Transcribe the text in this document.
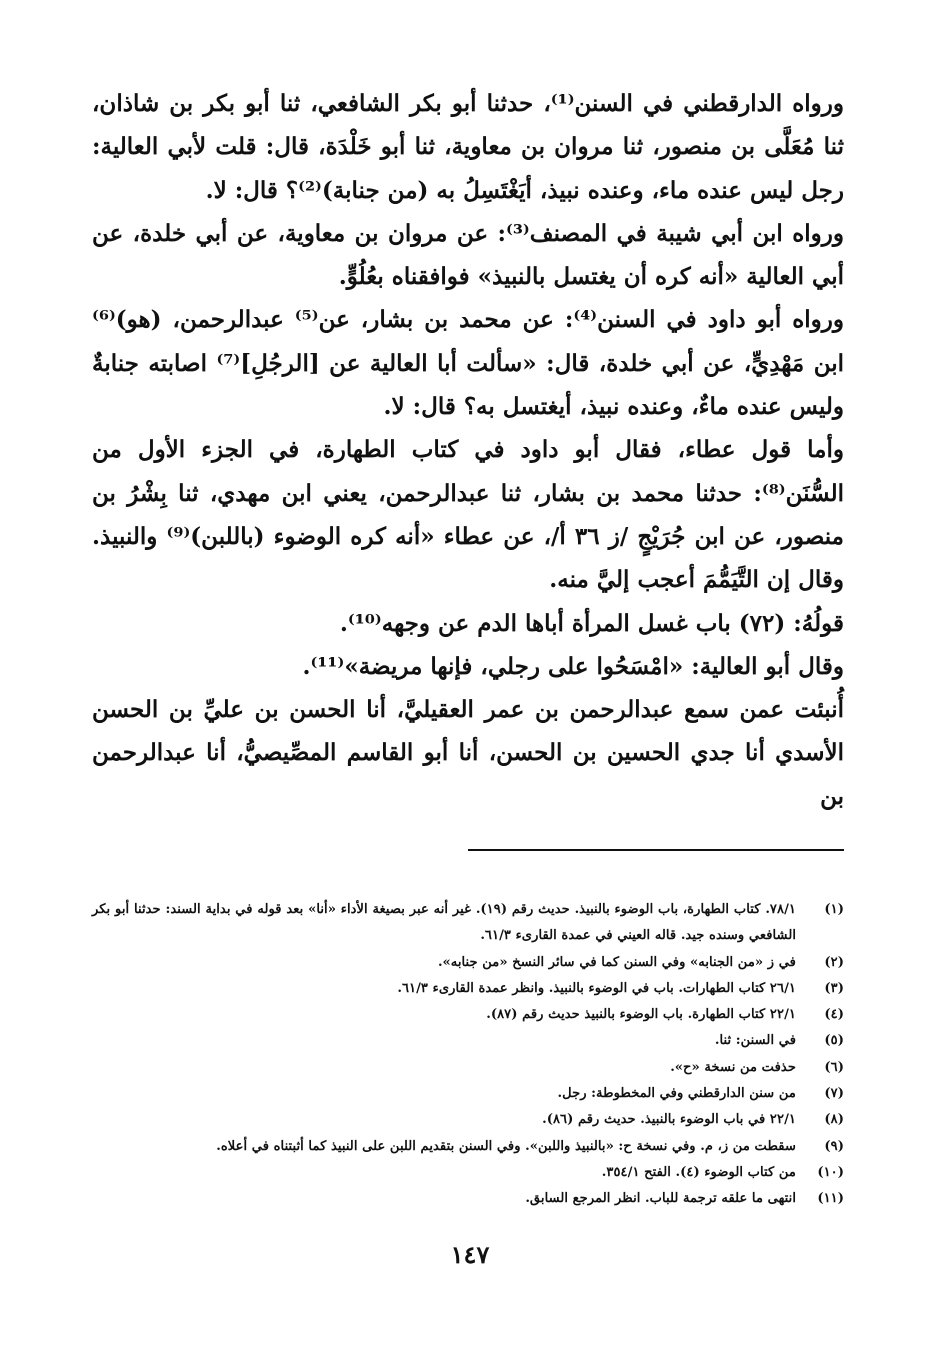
ورواه الدارقطني في السنن⁽¹⁾، حدثنا أبو بكر الشافعي، ثنا أبو بكر بن شاذان، ثنا مُعَلَّى بن منصور، ثنا مروان بن معاوية، ثنا أبو خَلْدَة، قال: قلت لأبي العالية: رجل ليس عنده ماء، وعنده نبيذ، أيَغْتَسِلُ به (من جنابة)⁽²⁾؟ قال: لا.

ورواه ابن أبي شيبة في المصنف⁽³⁾: عن مروان بن معاوية، عن أبي خلدة، عن أبي العالية «أنه كره أن يغتسل بالنبيذ» فوافقناه بعُلُوٍّ.

ورواه أبو داود في السنن⁽⁴⁾: عن محمد بن بشار، عن⁽⁵⁾ عبدالرحمن، (هو)⁽⁶⁾ ابن مَهْدِيٍّ، عن أبي خلدة، قال: «سألت أبا العالية عن [الرجُلِ]⁽⁷⁾ اصابته جنابةٌ وليس عنده ماءٌ، وعنده نبيذ، أيغتسل به؟ قال: لا.

وأما قول عطاء، فقال أبو داود في كتاب الطهارة، في الجزء الأول من السُّنَن⁽⁸⁾: حدثنا محمد بن بشار، ثنا عبدالرحمن، يعني ابن مهدي، ثنا بِشْرُ بن منصور، عن ابن جُرَيْجٍ /ز ٣٦ أ/، عن عطاء «أنه كره الوضوء (باللبن)⁽⁹⁾ والنبيذ. وقال إن التَّيَمُّمَ أعجب إليَّ منه.

قولُهُ: (٧٢) باب غسل المرأة أباها الدم عن وجهه⁽¹⁰⁾.

وقال أبو العالية: «امْسَحُوا على رجلي، فإنها مريضة»⁽¹¹⁾.

أُنبئت عمن سمع عبدالرحمن بن عمر العقيليَّ، أنا الحسن بن عليِّ بن الحسن الأسدي أنا جدي الحسين بن الحسن، أنا أبو القاسم المصِّيصيُّ، أنا عبدالرحمن بن

(١)
٧٨/١. كتاب الطهارة، باب الوضوء بالنبيذ. حديث رقم (١٩). غير أنه عبر بصيغة الأداء «أنا» بعد قوله في بداية السند: حدثنا أبو بكر الشافعي وسنده جيد. قاله العيني في عمدة القارىء ٦١/٣.
(٢)
في ز «من الجنابه» وفي السنن كما في سائر النسخ «من جنابه».
(٣)
٢٦/١ كتاب الطهارات. باب في الوضوء بالنبيذ. وانظر عمدة القارىء ٦١/٣.
(٤)
٢٢/١ كتاب الطهارة. باب الوضوء بالنبيذ حديث رقم (٨٧).
(٥)
في السنن: ثنا.
(٦)
حذفت من نسخة «ح».
(٧)
من سنن الدارقطني وفي المخطوطة: رجل.
(٨)
٢٢/١ في باب الوضوء بالنبيذ. حديث رقم (٨٦).
(٩)
سقطت من ز، م. وفي نسخة ح: «بالنبيذ واللبن». وفي السنن بتقديم اللبن على النبيذ كما أثبتناه في أعلاه.
(١٠)
من كتاب الوضوء (٤). الفتح ٣٥٤/١.
(١١)
انتهى ما علقه ترجمة للباب. انظر المرجع السابق.
١٤٧
